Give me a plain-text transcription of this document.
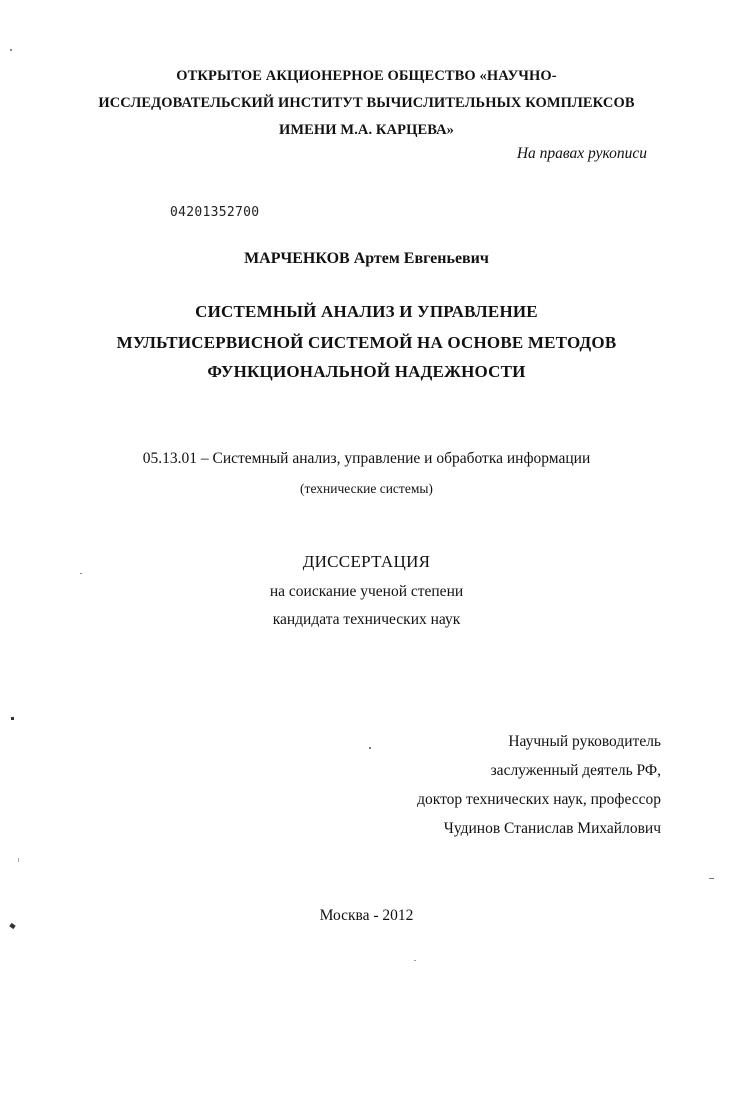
ОТКРЫТОЕ АКЦИОНЕРНОЕ ОБЩЕСТВО «НАУЧНО-
ИССЛЕДОВАТЕЛЬСКИЙ ИНСТИТУТ ВЫЧИСЛИТЕЛЬНЫХ КОМПЛЕКСОВ
ИМЕНИ М.А. КАРЦЕВА»
На правах рукописи
04201352700
МАРЧЕНКОВ Артем Евгеньевич
СИСТЕМНЫЙ АНАЛИЗ И УПРАВЛЕНИЕ
МУЛЬТИСЕРВИСНОЙ СИСТЕМОЙ НА ОСНОВЕ МЕТОДОВ
ФУНКЦИОНАЛЬНОЙ НАДЕЖНОСТИ
05.13.01 – Системный анализ, управление и обработка информации
(технические системы)
ДИССЕРТАЦИЯ
на соискание ученой степени
кандидата технических наук
Научный руководитель
заслуженный деятель РФ,
доктор технических наук, профессор
Чудинов Станислав Михайлович
Москва - 2012
